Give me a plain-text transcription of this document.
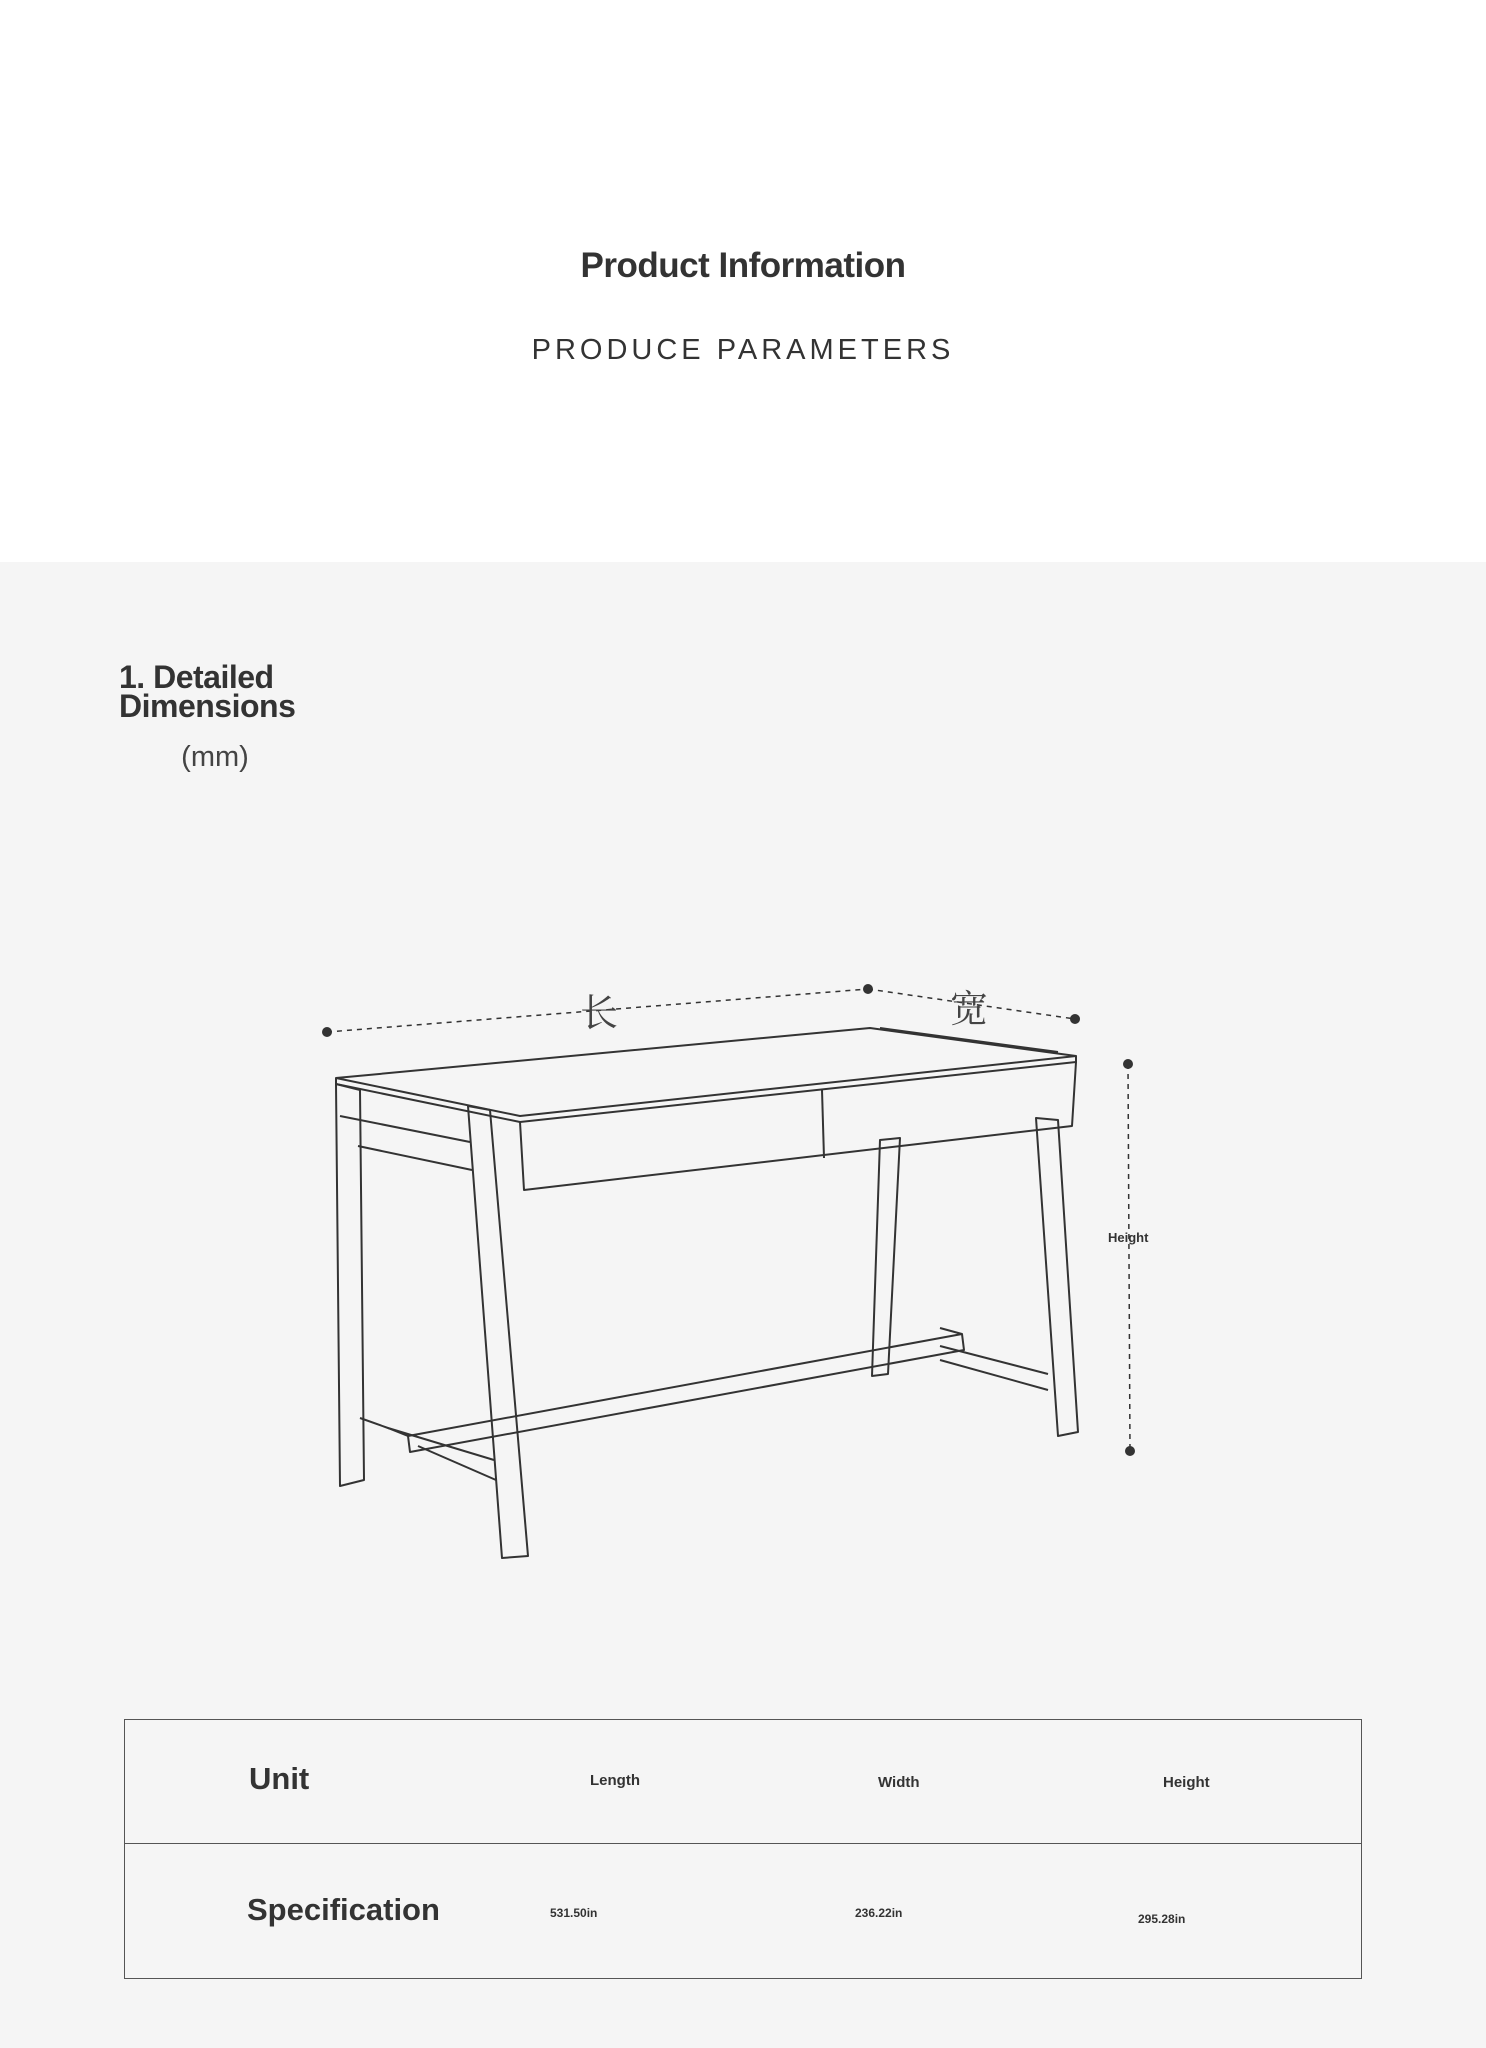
Product Information
PRODUCE PARAMETERS
1. Detailed
Dimensions
(mm)
长	宽
Height
Unit	Length	Width	Height
Specification	531.50in	236.22in	295.28in
